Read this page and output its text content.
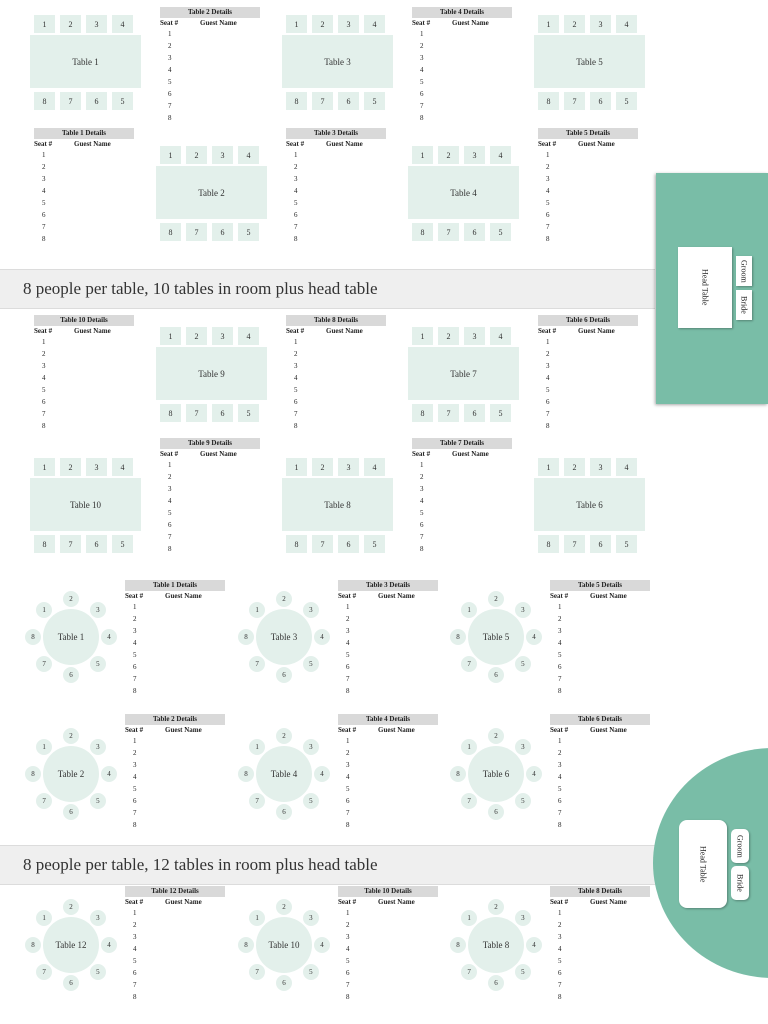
8 people per table, 10 tables in room plus head table
8 people per table, 12 tables in room plus head table
Head Table	Groom
Bride
Head Table	Groom
Bride
Table 1
1
8
2
7
3
6
4
5
Table 3
1
8
2
7
3
6
4
5
Table 5
1
8
2
7
3
6
4
5
Table 2
1
8
2
7
3
6
4
5
Table 4
1
8
2
7
3
6
4
5
Table 2 Details
Seat #	Guest Name
1
2
3
4
5
6
7
8
Table 4 Details
Seat #	Guest Name
1
2
3
4
5
6
7
8
Table 1 Details
Seat #	Guest Name
1
2
3
4
5
6
7
8
Table 3 Details
Seat #	Guest Name
1
2
3
4
5
6
7
8
Table 5 Details
Seat #	Guest Name
1
2
3
4
5
6
7
8
Table 9
1
8
2
7
3
6
4
5
Table 7
1
8
2
7
3
6
4
5
Table 10
1
8
2
7
3
6
4
5
Table 8
1
8
2
7
3
6
4
5
Table 6
1
8
2
7
3
6
4
5
Table 10 Details
Seat #	Guest Name
1
2
3
4
5
6
7
8
Table 8 Details
Seat #	Guest Name
1
2
3
4
5
6
7
8
Table 6 Details
Seat #	Guest Name
1
2
3
4
5
6
7
8
Table 9 Details
Seat #	Guest Name
1
2
3
4
5
6
7
8
Table 7 Details
Seat #	Guest Name
1
2
3
4
5
6
7
8
Table 1
2
3
4
5
6
7
8
1
Table 3
2
3
4
5
6
7
8
1
Table 5
2
3
4
5
6
7
8
1
Table 2
2
3
4
5
6
7
8
1
Table 4
2
3
4
5
6
7
8
1
Table 6
2
3
4
5
6
7
8
1
Table 1 Details
Seat #	Guest Name
1
2
3
4
5
6
7
8
Table 3 Details
Seat #	Guest Name
1
2
3
4
5
6
7
8
Table 5 Details
Seat #	Guest Name
1
2
3
4
5
6
7
8
Table 2 Details
Seat #	Guest Name
1
2
3
4
5
6
7
8
Table 4 Details
Seat #	Guest Name
1
2
3
4
5
6
7
8
Table 6 Details
Seat #	Guest Name
1
2
3
4
5
6
7
8
Table 12
2
3
4
5
6
7
8
1
Table 10
2
3
4
5
6
7
8
1
Table 8
2
3
4
5
6
7
8
1
Table 12 Details
Seat #	Guest Name
1
2
3
4
5
6
7
8
Table 10 Details
Seat #	Guest Name
1
2
3
4
5
6
7
8
Table 8 Details
Seat #	Guest Name
1
2
3
4
5
6
7
8
